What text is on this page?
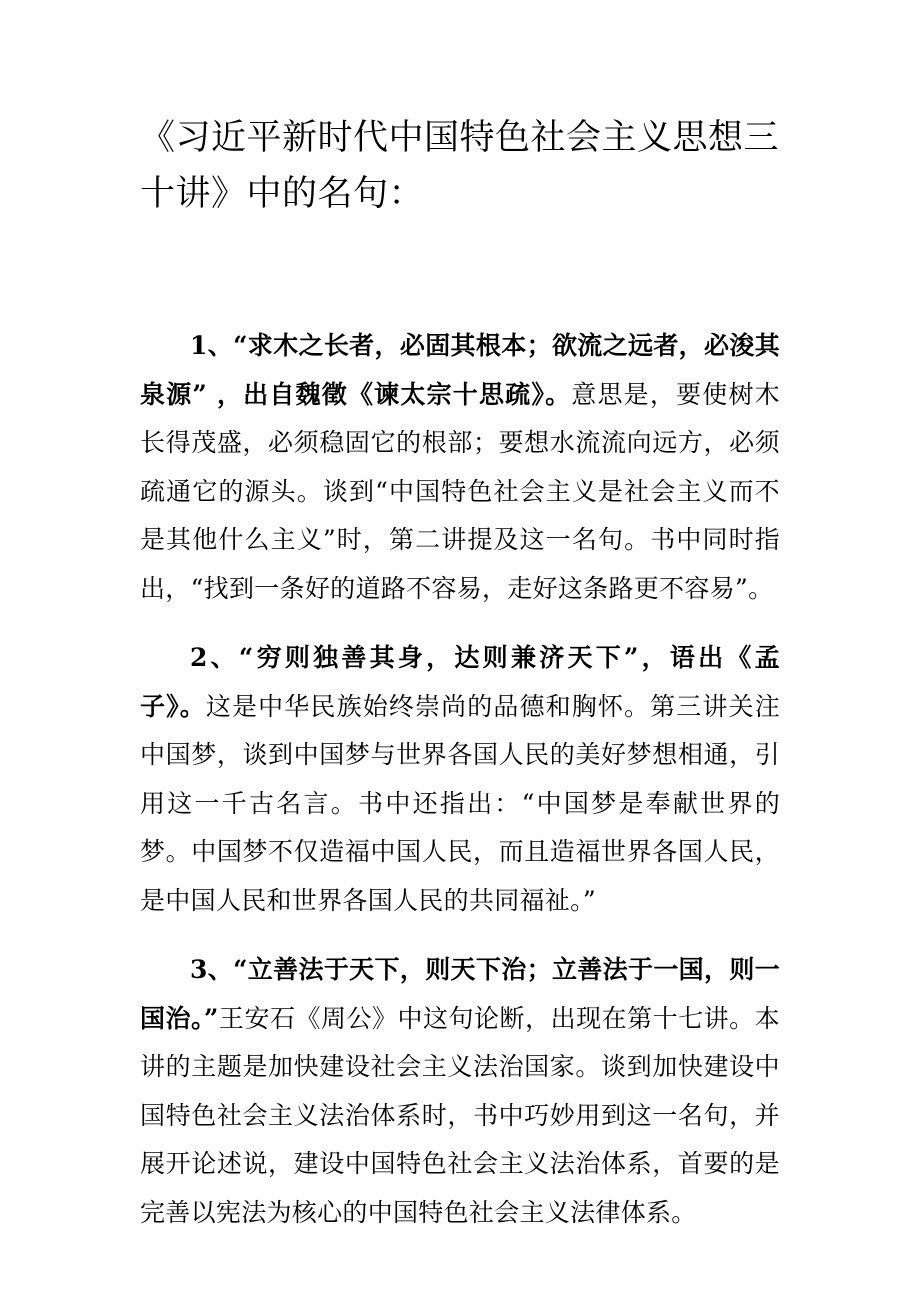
《习近平新时代中国特色社会主义思想三十讲》中的名句：

1、“求木之长者，必固其根本；欲流之远者，必浚其泉源” ，出自魏徵《谏太宗十思疏》。意思是，要使树木长得茂盛，必须稳固它的根部；要想水流流向远方，必须疏通它的源头。谈到“中国特色社会主义是社会主义而不是其他什么主义”时，第二讲提及这一名句。书中同时指出，“找到一条好的道路不容易，走好这条路更不容易”。

2、“穷则独善其身，达则兼济天下”，语出《孟子》。这是中华民族始终崇尚的品德和胸怀。第三讲关注中国梦，谈到中国梦与世界各国人民的美好梦想相通，引用这一千古名言。书中还指出：“中国梦是奉献世界的梦。中国梦不仅造福中国人民，而且造福世界各国人民，是中国人民和世界各国人民的共同福祉。”

3、“立善法于天下，则天下治；立善法于一国，则一国治。”王安石《周公》中这句论断，出现在第十七讲。本讲的主题是加快建设社会主义法治国家。谈到加快建设中国特色社会主义法治体系时，书中巧妙用到这一名句，并展开论述说，建设中国特色社会主义法治体系，首要的是完善以宪法为核心的中国特色社会主义法律体系。
